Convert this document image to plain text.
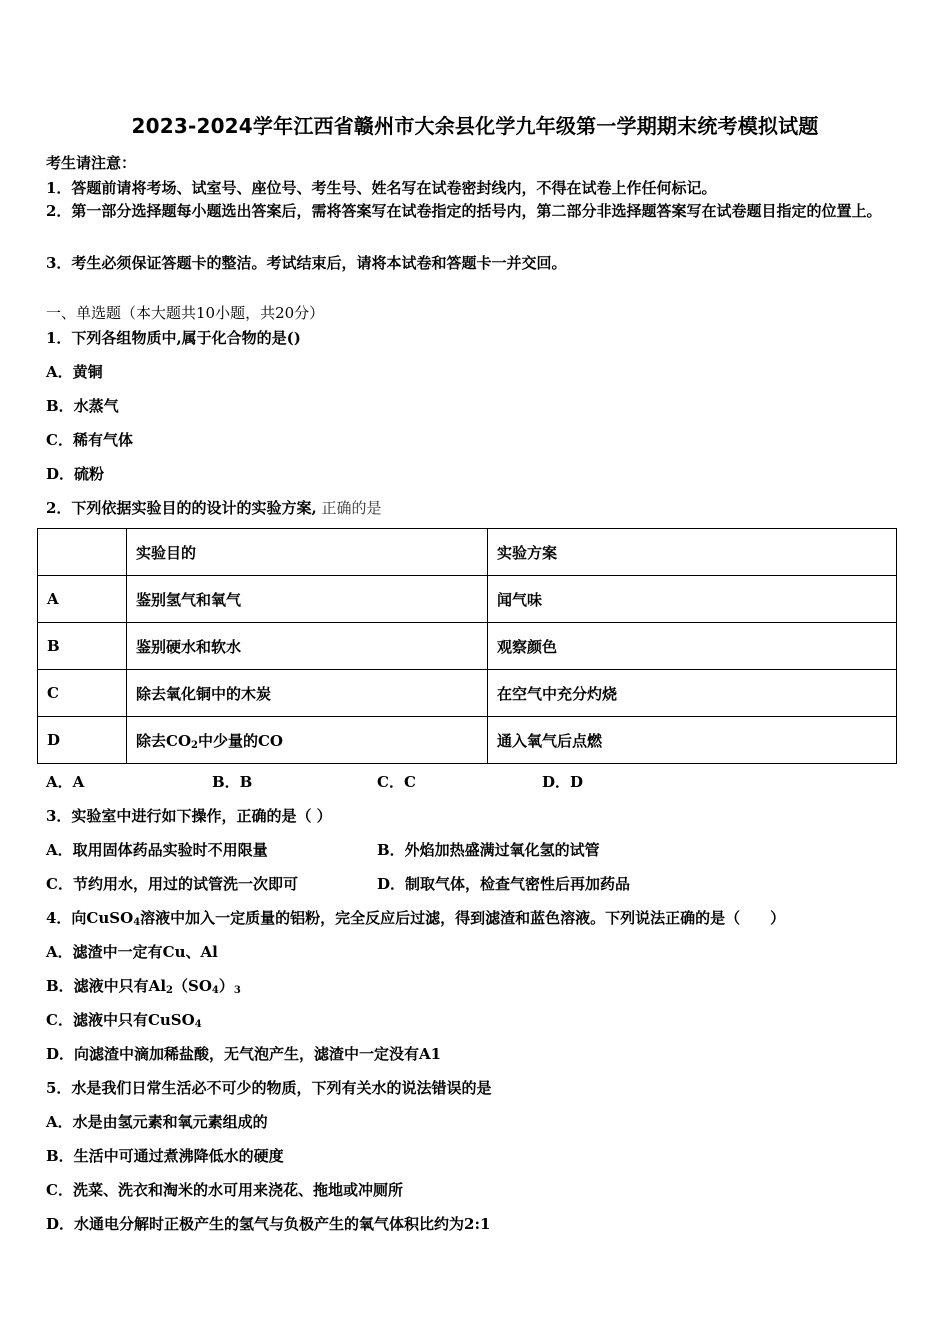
2023-2024学年江西省赣州市大余县化学九年级第一学期期末统考模拟试题
考生请注意：
1．答题前请将考场、试室号、座位号、考生号、姓名写在试卷密封线内，不得在试卷上作任何标记。
2．第一部分选择题每小题选出答案后，需将答案写在试卷指定的括号内，第二部分非选择题答案写在试卷题目指定的位置上。
3．考生必须保证答题卡的整洁。考试结束后，请将本试卷和答题卡一并交回。
一、单选题（本大题共10小题，共20分）
1．下列各组物质中,属于化合物的是()
A．黄铜
B．水蒸气
C．稀有气体
D．硫粉
2．下列依据实验目的的设计的实验方案, 正确的是
	实验目的	实验方案
A	鉴别氢气和氧气	闻气味
B	鉴别硬水和软水	观察颜色
C	除去氧化铜中的木炭	在空气中充分灼烧
D	除去$CO_2$中少量的CO	通入氧气后点燃
A．A	B．B	C．C	D．D
3．实验室中进行如下操作，正确的是（ ）
A．取用固体药品实验时不用限量	B．外焰加热盛满过氧化氢的试管
C．节约用水，用过的试管洗一次即可	D．制取气体，检查气密性后再加药品
4．向CuSO$_4$溶液中加入一定质量的铝粉，完全反应后过滤，得到滤渣和蓝色溶液。下列说法正确的是（　　）
A．滤渣中一定有Cu、Al
B．滤液中只有$Al_2(SO_4)_3$
C．滤液中只有CuSO$_4$
D．向滤渣中滴加稀盐酸，无气泡产生，滤渣中一定没有A1
5．水是我们日常生活必不可少的物质，下列有关水的说法错误的是
A．水是由氢元素和氧元素组成的
B．生活中可通过煮沸降低水的硬度
C．洗菜、洗衣和淘米的水可用来浇花、拖地或冲厕所
D．水通电分解时正极产生的氢气与负极产生的氧气体积比约为2:1
